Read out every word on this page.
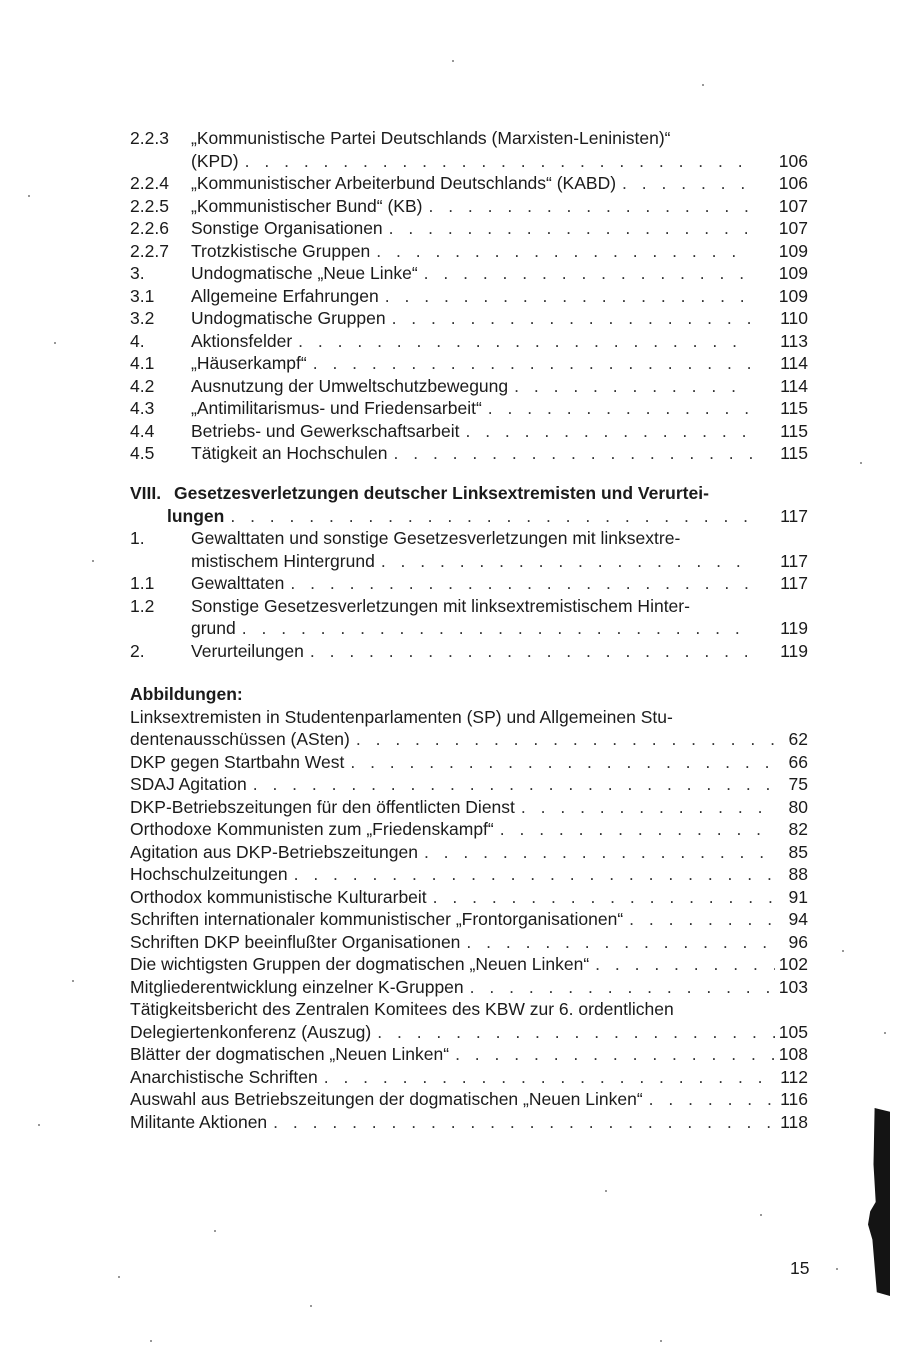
2.2.3 „Kommunistische Partei Deutschlands (Marxisten-Leninisten)“
(KPD) . . .	106
2.2.4 „Kommunistischer Arbeiterbund Deutschlands“ (KABD) . . .	106
2.2.5 „Kommunistischer Bund“ (KB) . . .	107
2.2.6 Sonstige Organisationen . . .	107
2.2.7 Trotzkistische Gruppen . . .	109
3.	Undogmatische „Neue Linke“ . . .	109
3.1 Allgemeine Erfahrungen . . .	109
3.2 Undogmatische Gruppen . . .	110
4.	Aktionsfelder . . .	113
4.1 „Häuserkampf“ . . .	114
4.2 Ausnutzung der Umweltschutzbewegung . . .	114
4.3 „Antimilitarismus- und Friedensarbeit“ . . .	115
4.4 Betriebs- und Gewerkschaftsarbeit . . .	115
4.5 Tätigkeit an Hochschulen . . .	115
VIII. Gesetzesverletzungen deutscher Linksextremisten und Verurtei-
lungen . . .	117
1.	Gewalttaten und sonstige Gesetzesverletzungen mit linksextre-
mistischem Hintergrund . . .	117
1.1 Gewalttaten . . .	117
1.2 Sonstige Gesetzesverletzungen mit linksextremistischem Hinter-
grund . . .	119
2.	Verurteilungen . . .	119
Abbildungen:
Linksextremisten in Studentenparlamenten (SP) und Allgemeinen Stu-
dentenausschüssen (ASten) . . .	62
DKP gegen Startbahn West . . .	66
SDAJ Agitation . . .	75
DKP-Betriebszeitungen für den öffentlicten Dienst . . .	80
Orthodoxe Kommunisten zum „Friedenskampf“ . . .	82
Agitation aus DKP-Betriebszeitungen . . .	85
Hochschulzeitungen . . .	88
Orthodox kommunistische Kulturarbeit . . .	91
Schriften internationaler kommunistischer „Frontorganisationen“ . . .	94
Schriften DKP beeinflußter Organisationen . . .	96
Die wichtigsten Gruppen der dogmatischen „Neuen Linken“ . . .	102
Mitgliederentwicklung einzelner K-Gruppen . . .	103
Tätigkeitsbericht des Zentralen Komitees des KBW zur 6. ordentlichen
Delegiertenkonferenz (Auszug) . . .	105
Blätter der dogmatischen „Neuen Linken“ . . .	108
Anarchistische Schriften . . .	112
Auswahl aus Betriebszeitungen der dogmatischen „Neuen Linken“ . . .	116
Militante Aktionen . . .	118
15
